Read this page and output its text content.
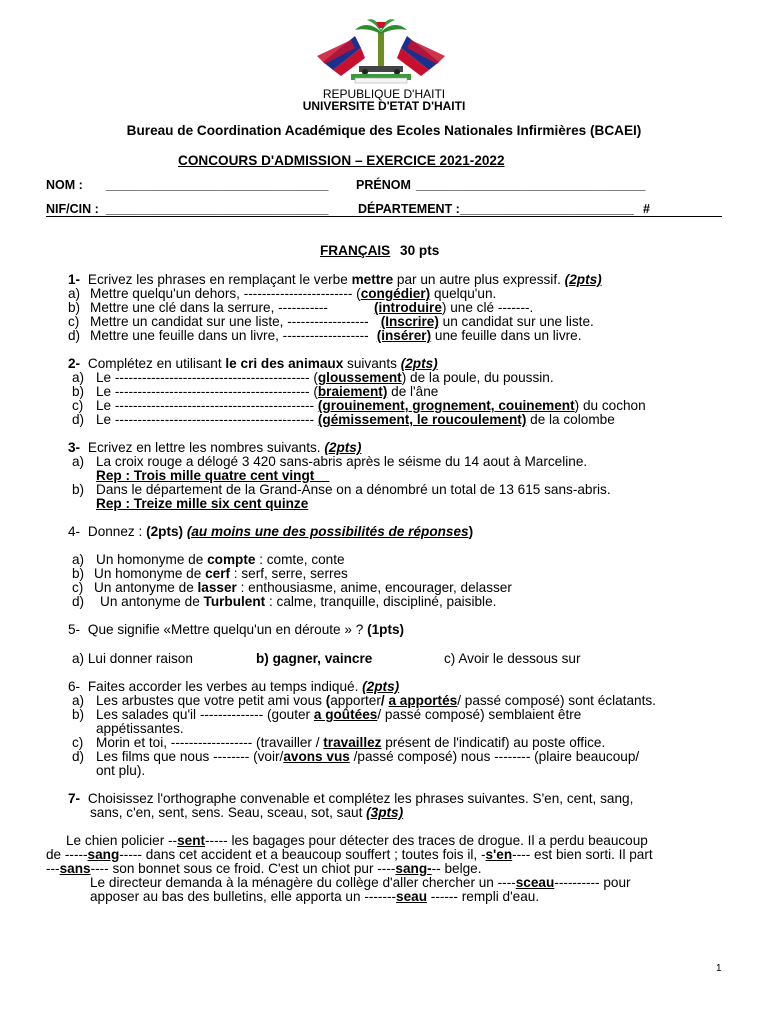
REPUBLIQUE D'HAITI
UNIVERSITE D'ETAT D'HAITI
Bureau de Coordination Académique des Ecoles Nationales Infirmières (BCAEI)
CONCOURS D'ADMISSION – EXERCICE 2021-2022
NOM : ________________________________ PRÉNOM _________________________________
NIF/CIN : ________________________________ DÉPARTEMENT : _________________________ #
FRANÇAIS 30 pts
1- Ecrivez les phrases en remplaçant le verbe mettre par un autre plus expressif. (2pts)
a) Mettre quelqu'un dehors, ------------------------ (congédier) quelqu'un.
b) Mettre une clé dans la serrure, -----------	(introduire) une clé -------.
c) Mettre un candidat sur une liste, ------------------ (Inscrire) un candidat sur une liste.
d) Mettre une feuille dans un livre, ------------------- (insérer) une feuille dans un livre.
2- Complétez en utilisant le cri des animaux suivants (2pts)
a) Le ------------------------------------------- (gloussement) de la poule, du poussin.
b) Le ------------------------------------------- (braiement) de l'âne
c) Le -------------------------------------------- (grouinement, grognement, couinement) du cochon
d) Le -------------------------------------------- (gémissement, le roucoulement) de la colombe
3- Ecrivez en lettre les nombres suivants. (2pts)
a) La croix rouge a délogé 3 420 sans-abris après le séisme du 14 aout à Marceline.
Rep : Trois mille quatre cent vingt
b) Dans le département de la Grand-Anse on a dénombré un total de 13 615 sans-abris.
Rep : Treize mille six cent quinze
4- Donnez : (2pts) (au moins une des possibilités de réponses)
a) Un homonyme de compte : comte, conte
b) Un homonyme de cerf : serf, serre, serres
c) Un antonyme de lasser : enthousiasme, anime, encourager, delasser
d) Un antonyme de Turbulent : calme, tranquille, discipliné, paisible.
5- Que signifie «Mettre quelqu'un en déroute » ? (1pts)
a) Lui donner raison	b) gagner, vaincre	c) Avoir le dessous sur
6- Faites accorder les verbes au temps indiqué. (2pts)
a) Les arbustes que votre petit ami vous (apporter/ a apportés/ passé composé) sont éclatants.
b) Les salades qu'il -------------- (gouter a goûtées/ passé composé) semblaient être
appétissantes.
c) Morin et toi, ------------------ (travailler / travaillez présent de l'indicatif) au poste office.
d) Les films que nous -------- (voir/avons vus /passé composé) nous -------- (plaire beaucoup/
ont plu).
7- Choisissez l'orthographe convenable et complétez les phrases suivantes. S'en, cent, sang,
sans, c'en, sent, sens. Seau, sceau, sot, saut (3pts)
Le chien policier --sent----- les bagages pour détecter des traces de drogue. Il a perdu beaucoup
de -----sang----- dans cet accident et a beaucoup souffert ; toutes fois il, -s'en---- est bien sorti. Il part
---sans---- son bonnet sous ce froid. C'est un chiot pur ----sang--- belge.
Le directeur demanda à la ménagère du collège d'aller chercher un ----sceau---------- pour
apposer au bas des bulletins, elle apporta un -------seau ------ rempli d'eau.
1
